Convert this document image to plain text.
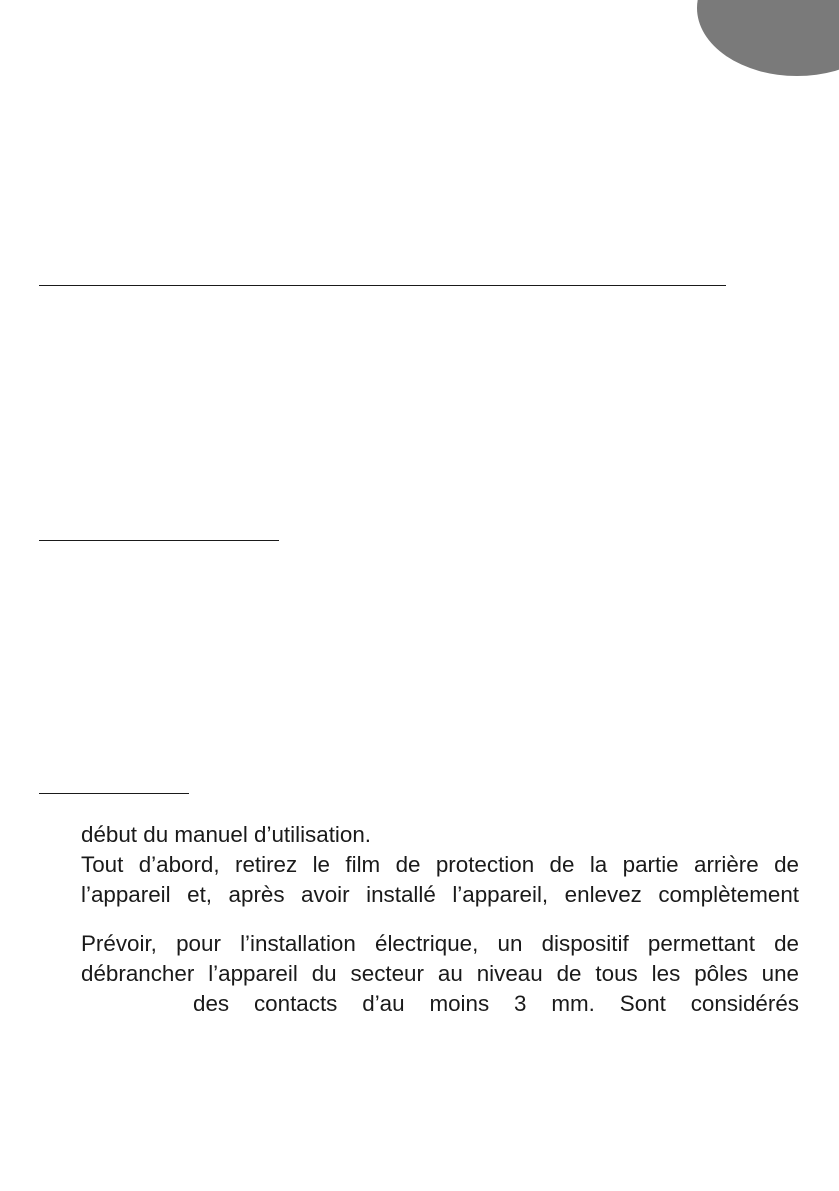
début du manuel d’utilisation.
Tout d’abord, retirez le film de protection de la partie arrière de
l’appareil et, après avoir installé l’appareil, enlevez complètement
Prévoir, pour l’installation électrique, un dispositif permettant de
débrancher l’appareil du secteur au niveau de tous les pôles une
des contacts d’au moins 3 mm. Sont considérés
